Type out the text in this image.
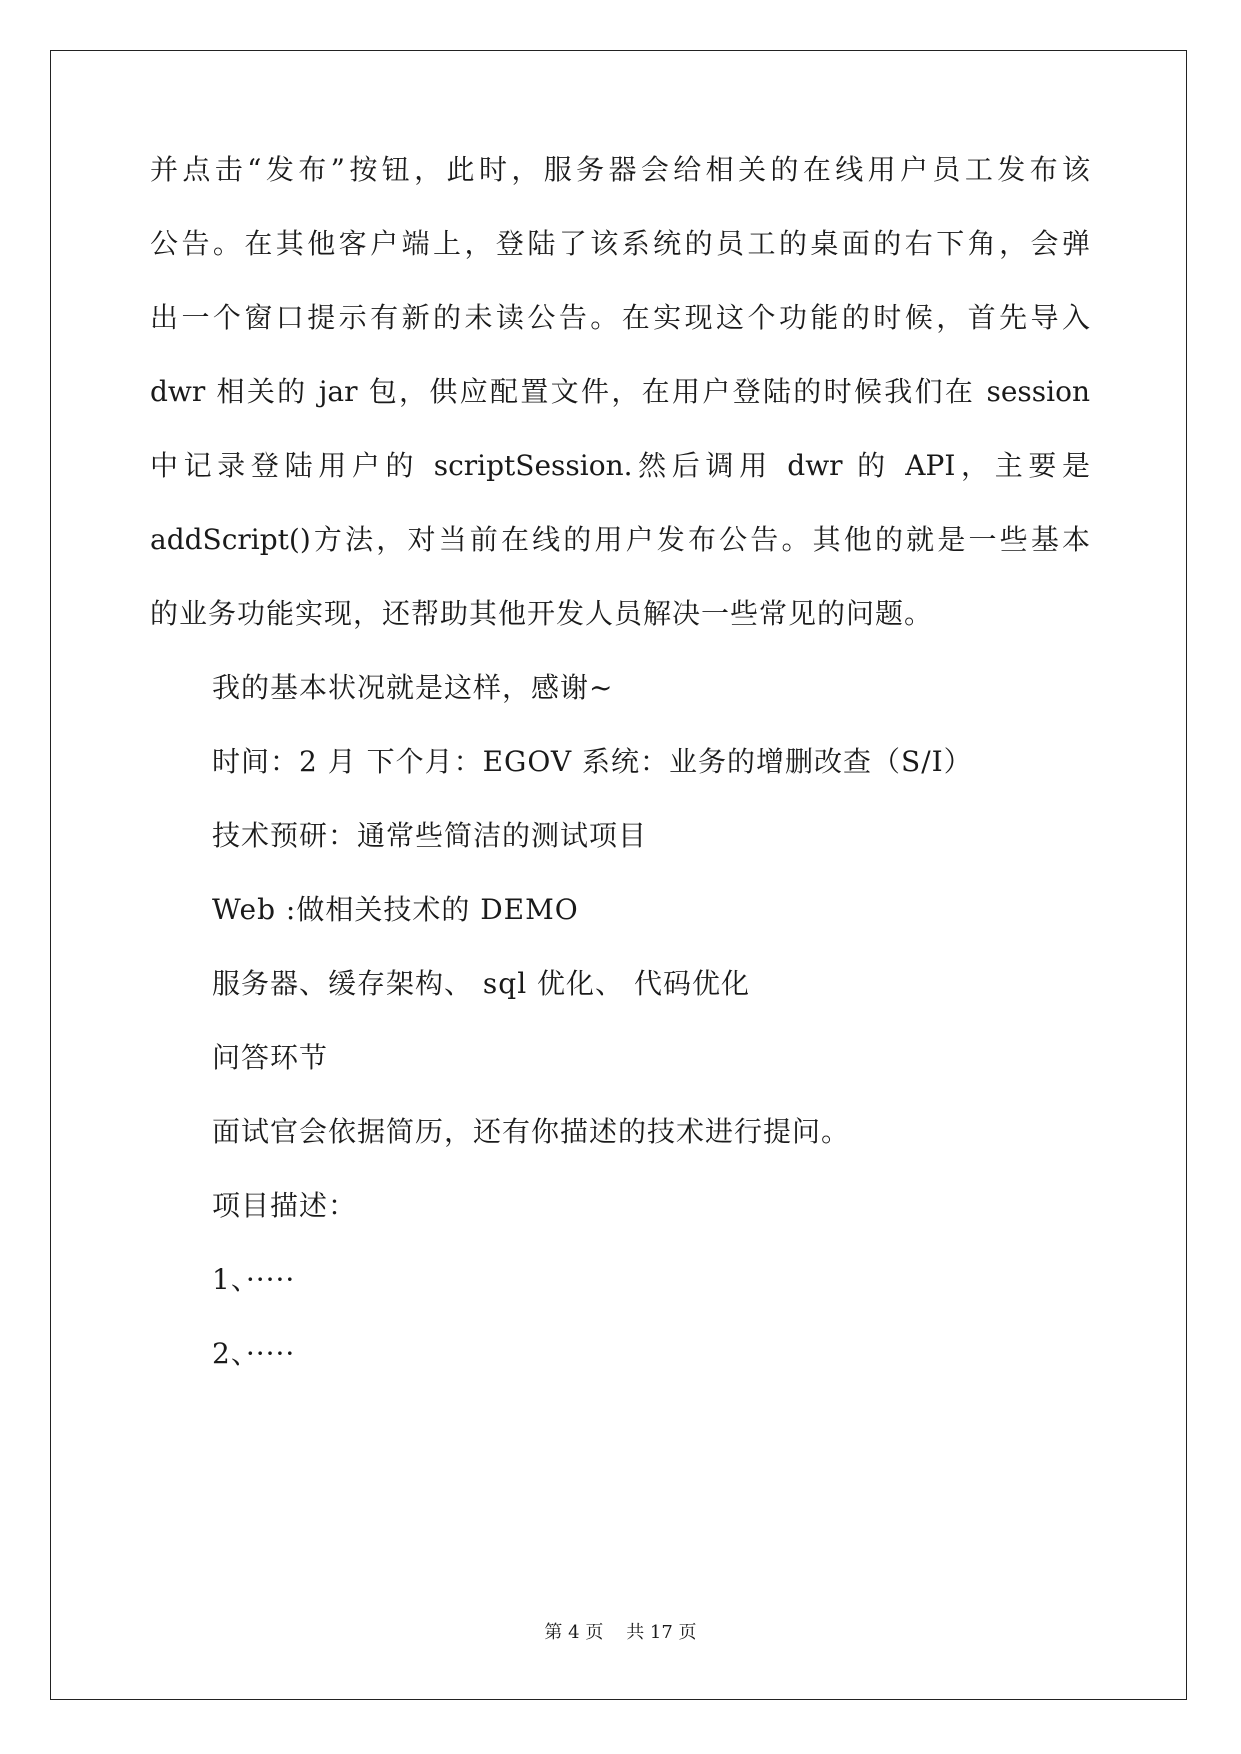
并点击“发布”按钮，此时，服务器会给相关的在线用户员工发布该
公告。在其他客户端上，登陆了该系统的员工的桌面的右下角，会弹
出一个窗口提示有新的未读公告。在实现这个功能的时候，首先导入
dwr 相关的 jar 包，供应配置文件，在用户登陆的时候我们在 session
中记录登陆用户的 scriptSession.然后调用 dwr 的 API，主要是
addScript()方法，对当前在线的用户发布公告。其他的就是一些基本
的业务功能实现，还帮助其他开发人员解决一些常见的问题。
我的基本状况就是这样，感谢~
时间：2 月 下个月：EGOV 系统：业务的增删改查（S/I）
技术预研：通常些简洁的测试项目
Web :做相关技术的 DEMO
服务器、缓存架构、 sql 优化、 代码优化
问答环节
面试官会依据简历，还有你描述的技术进行提问。
项目描述：
1、·····
2、·····
第 4 页    共 17 页
